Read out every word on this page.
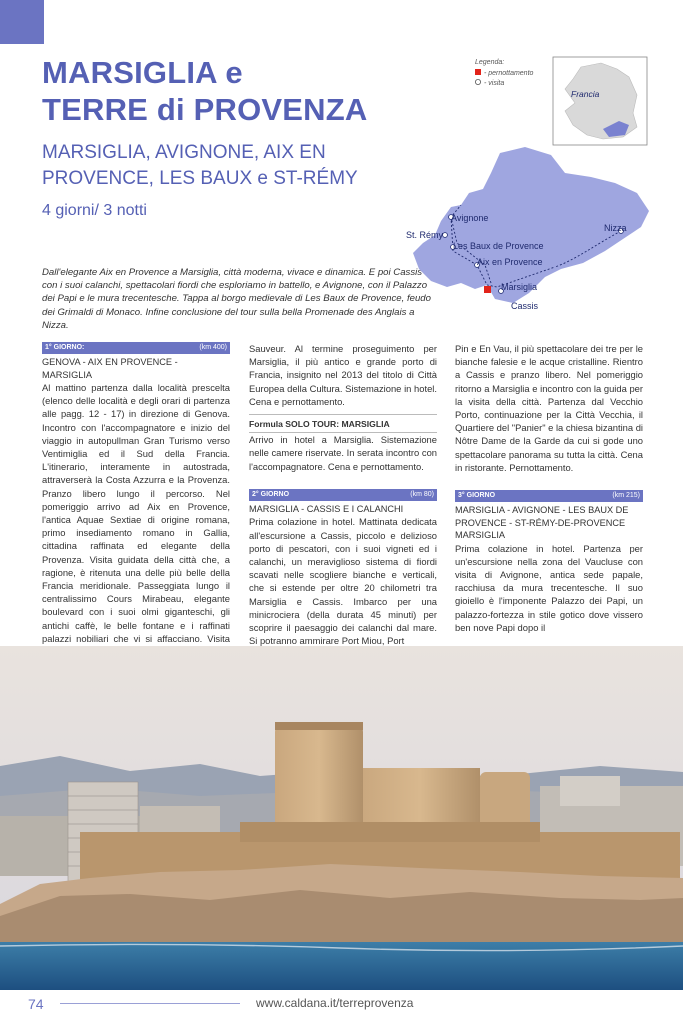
MARSIGLIA e
TERRE di PROVENZA
MARSIGLIA, AVIGNONE, AIX EN
PROVENCE, LES BAUX e ST-RÉMY
4 giorni/ 3 notti

Dall'elegante Aix en Provence a Marsiglia, città moderna, vivace e dinamica. E poi Cassis con i suoi calanchi, spettacolari fiordi che esploriamo in battello, e Avignone, con il Palazzo dei Papi e le mura trecentesche. Tappa al borgo medievale di Les Baux de Provence, feudo dei Grimaldi di Monaco. Infine conclusione del tour sulla bella Promenade des Anglais a Nizza.

Legenda:
- pernottamento
- visita
Francia
Avignone
St. Rémy
Les Baux de Provence
Aix en Provence
Nizza
Marsiglia
Cassis
1° GIORNO:	(km 400)

GENOVA - AIX EN PROVENCE - MARSIGLIA

Al mattino partenza dalla località prescelta (elenco delle località e degli orari di partenza alle pagg. 12 - 17) in direzione di Genova. Incontro con l'accompagnatore e inizio del viaggio in autopullman Gran Turismo verso Ventimiglia ed il Sud della Francia. L'itinerario, interamente in autostrada, attraverserà la Costa Azzurra e la Provenza. Pranzo libero lungo il percorso. Nel pomeriggio arrivo ad Aix en Provence, l'antica Aquae Sextiae di origine romana, primo insediamento romano in Gallia, cittadina raffinata ed elegante della Provenza. Visita guidata della città che, a ragione, è ritenuta una delle più belle della Francia meridionale. Passeggiata lungo il centralissimo Cours Mirabeau, elegante boulevard con i suoi olmi giganteschi, gli antichi caffè, le belle fontane e i raffinati palazzi nobiliari che vi si affacciano. Visita

Sauveur. Al termine proseguimento per Marsiglia, il più antico e grande porto di Francia, insignito nel 2013 del titolo di Città Europea della Cultura. Sistemazione in hotel. Cena e pernottamento.

Formula SOLO TOUR: MARSIGLIA

Arrivo in hotel a Marsiglia. Sistemazione nelle camere riservate. In serata incontro con l'accompagnatore. Cena e pernottamento.

2° GIORNO	(km 80)

MARSIGLIA - CASSIS E I CALANCHI

Prima colazione in hotel. Mattinata dedicata all'escursione a Cassis, piccolo e delizioso porto di pescatori, con i suoi vigneti ed i calanchi, un meraviglioso sistema di fiordi scavati nelle scogliere bianche e verticali, che si estende per oltre 20 chilometri tra Marsiglia e Cassis. Imbarco per una minicrociera (della durata 45 minuti) per scoprire il paesaggio dei calanchi dal mare. Si potranno ammirare Port Miou, Port

Pin e En Vau, il più spettacolare dei tre per le bianche falesie e le acque cristalline. Rientro a Cassis e pranzo libero. Nel pomeriggio ritorno a Marsiglia e incontro con la guida per la visita della città. Partenza dal Vecchio Porto, continuazione per la Città Vecchia, il Quartiere del "Panier" e la chiesa bizantina di Nôtre Dame de la Garde da cui si gode uno spettacolare panorama su tutta la città. Cena in ristorante. Pernottamento.

3° GIORNO	(km 215)

MARSIGLIA - AVIGNONE - LES BAUX DE PROVENCE - ST-RÉMY-DE-PROVENCE MARSIGLIA

Prima colazione in hotel. Partenza per un'escursione nella zona del Vaucluse con visita di Avignone, antica sede papale, racchiusa da mura trecentesche. Il suo gioiello è l'imponente Palazzo dei Papi, un palazzo-fortezza in stile gotico dove vissero ben nove Papi dopo il

74	www.caldana.it/terreprovenza
